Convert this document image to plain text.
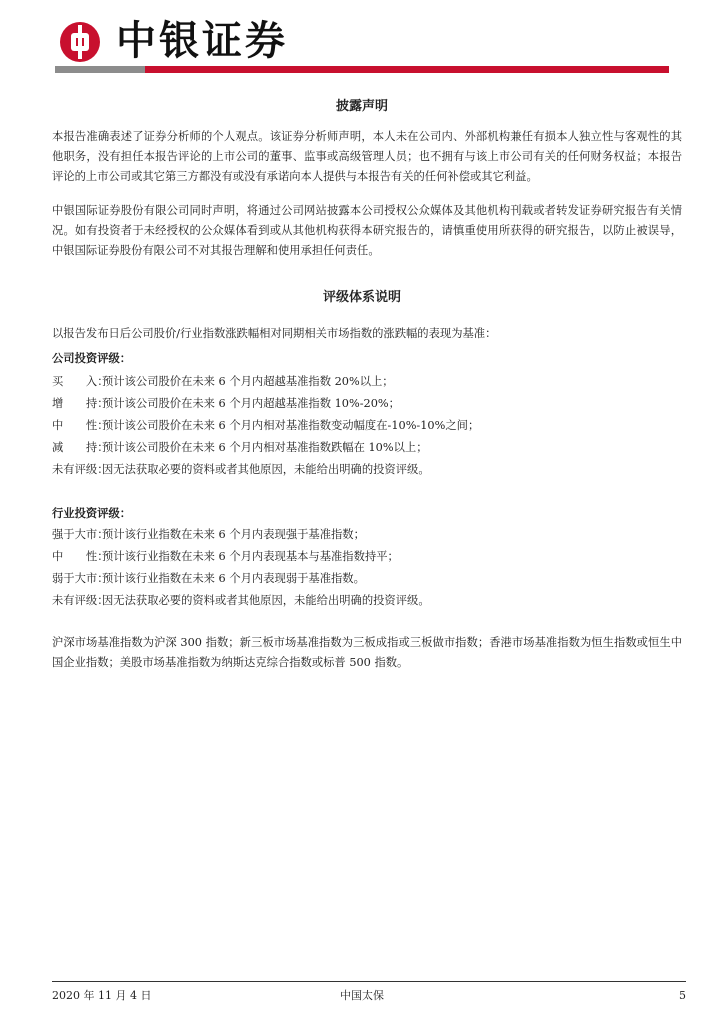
中银证券
披露声明
本报告准确表述了证券分析师的个人观点。该证券分析师声明，本人未在公司内、外部机构兼任有损本人独立性与客观性的其他职务，没有担任本报告评论的上市公司的董事、监事或高级管理人员；也不拥有与该上市公司有关的任何财务权益；本报告评论的上市公司或其它第三方都没有或没有承诺向本人提供与本报告有关的任何补偿或其它利益。
中银国际证券股份有限公司同时声明，将通过公司网站披露本公司授权公众媒体及其他机构刊载或者转发证券研究报告有关情况。如有投资者于未经授权的公众媒体看到或从其他机构获得本研究报告的，请慎重使用所获得的研究报告，以防止被误导，中银国际证券股份有限公司不对其报告理解和使用承担任何责任。
评级体系说明
以报告发布日后公司股价/行业指数涨跌幅相对同期相关市场指数的涨跌幅的表现为基准：
公司投资评级：
买　　入：预计该公司股价在未来 6 个月内超越基准指数 20%以上；
增　　持：预计该公司股价在未来 6 个月内超越基准指数 10%-20%；
中　　性：预计该公司股价在未来 6 个月内相对基准指数变动幅度在-10%-10%之间；
减　　持：预计该公司股价在未来 6 个月内相对基准指数跌幅在 10%以上；
未有评级：因无法获取必要的资料或者其他原因，未能给出明确的投资评级。
行业投资评级：
强于大市：预计该行业指数在未来 6 个月内表现强于基准指数；
中　　性：预计该行业指数在未来 6 个月内表现基本与基准指数持平；
弱于大市：预计该行业指数在未来 6 个月内表现弱于基准指数。
未有评级：因无法获取必要的资料或者其他原因，未能给出明确的投资评级。
沪深市场基准指数为沪深 300 指数；新三板市场基准指数为三板成指或三板做市指数；香港市场基准指数为恒生指数或恒生中国企业指数；美股市场基准指数为纳斯达克综合指数或标普 500 指数。
2020 年 11 月 4 日	中国太保	5
